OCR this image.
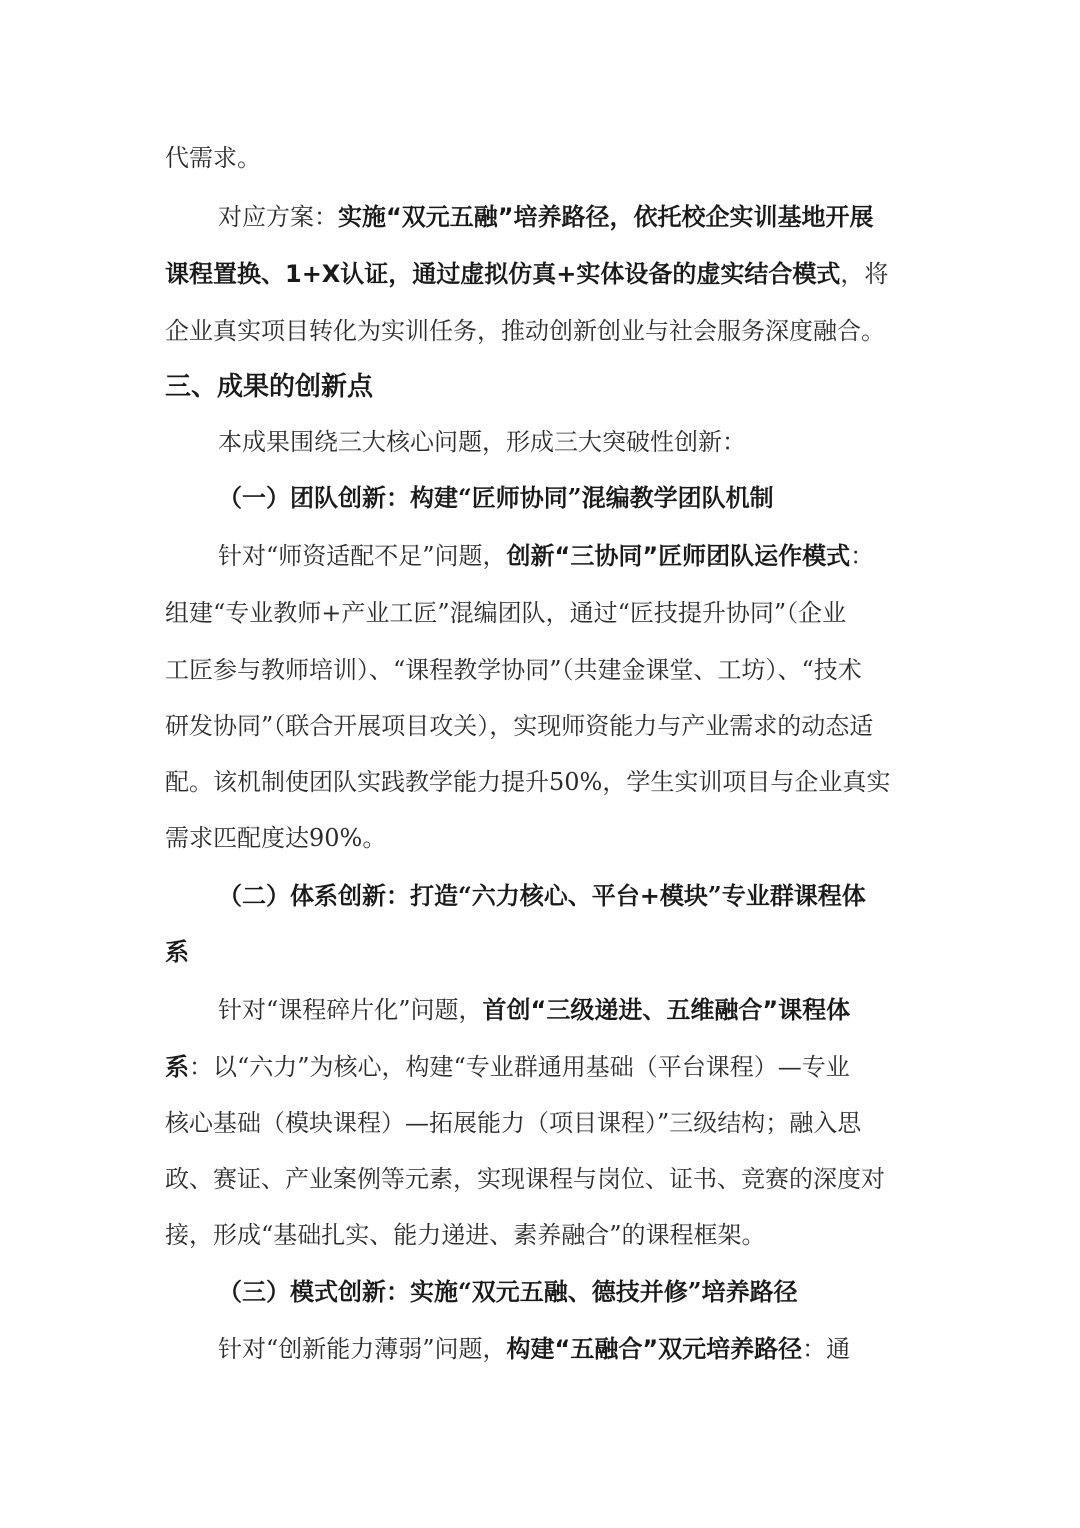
代需求。
对应方案：实施“双元五融”培养路径，依托校企实训基地开展
课程置换、1+X认证，通过虚拟仿真+实体设备的虚实结合模式，将
企业真实项目转化为实训任务，推动创新创业与社会服务深度融合。
三、成果的创新点
本成果围绕三大核心问题，形成三大突破性创新：
（一）团队创新：构建“匠师协同”混编教学团队机制
针对“师资适配不足”问题，创新“三协同”匠师团队运作模式：
组建“专业教师+产业工匠”混编团队，通过“匠技提升协同”（企业
工匠参与教师培训）、“课程教学协同”（共建金课堂、工坊）、“技术
研发协同”（联合开展项目攻关），实现师资能力与产业需求的动态适
配。该机制使团队实践教学能力提升50%，学生实训项目与企业真实
需求匹配度达90%。
（二）体系创新：打造“六力核心、平台+模块”专业群课程体
系
针对“课程碎片化”问题，首创“三级递进、五维融合”课程体
系：以“六力”为核心，构建“专业群通用基础（平台课程）—专业
核心基础（模块课程）—拓展能力（项目课程）”三级结构；融入思
政、赛证、产业案例等元素，实现课程与岗位、证书、竞赛的深度对
接，形成“基础扎实、能力递进、素养融合”的课程框架。
（三）模式创新：实施“双元五融、德技并修”培养路径
针对“创新能力薄弱”问题，构建“五融合”双元培养路径：通
